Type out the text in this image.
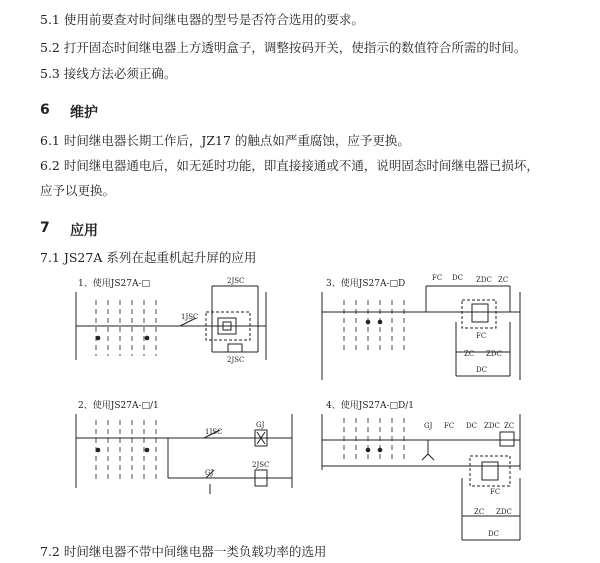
5.1 使用前要查对时间继电器的型号是否符合选用的要求。
5.2 打开固态时间继电器上方透明盒子，调整按码开关，使指示的数值符合所需的时间。
5.3 接线方法必须正确。
6 维护
6.1 时间继电器长期工作后，JZ17 的触点如严重腐蚀，应予更换。
6.2 时间继电器通电后，如无延时功能，即直接接通或不通，说明固态时间继电器已损坏，
应予以更换。
7 应用
7.1 JS27A 系列在起重机起升屏的应用
1、使用JS27A-□	3、使用JS27A-□D
2、使用JS27A-□/1	4、使用JS27A-□D/1
2JSC
1JSC
2JSC
1JSC
GJ
GJ
2JSC
FC DC ZDC ZC
FC
ZC ZDC
DC
GJ FC DC ZDC ZC
FC
ZC ZDC
DC
7.2 时间继电器不带中间继电器一类负载功率的选用
